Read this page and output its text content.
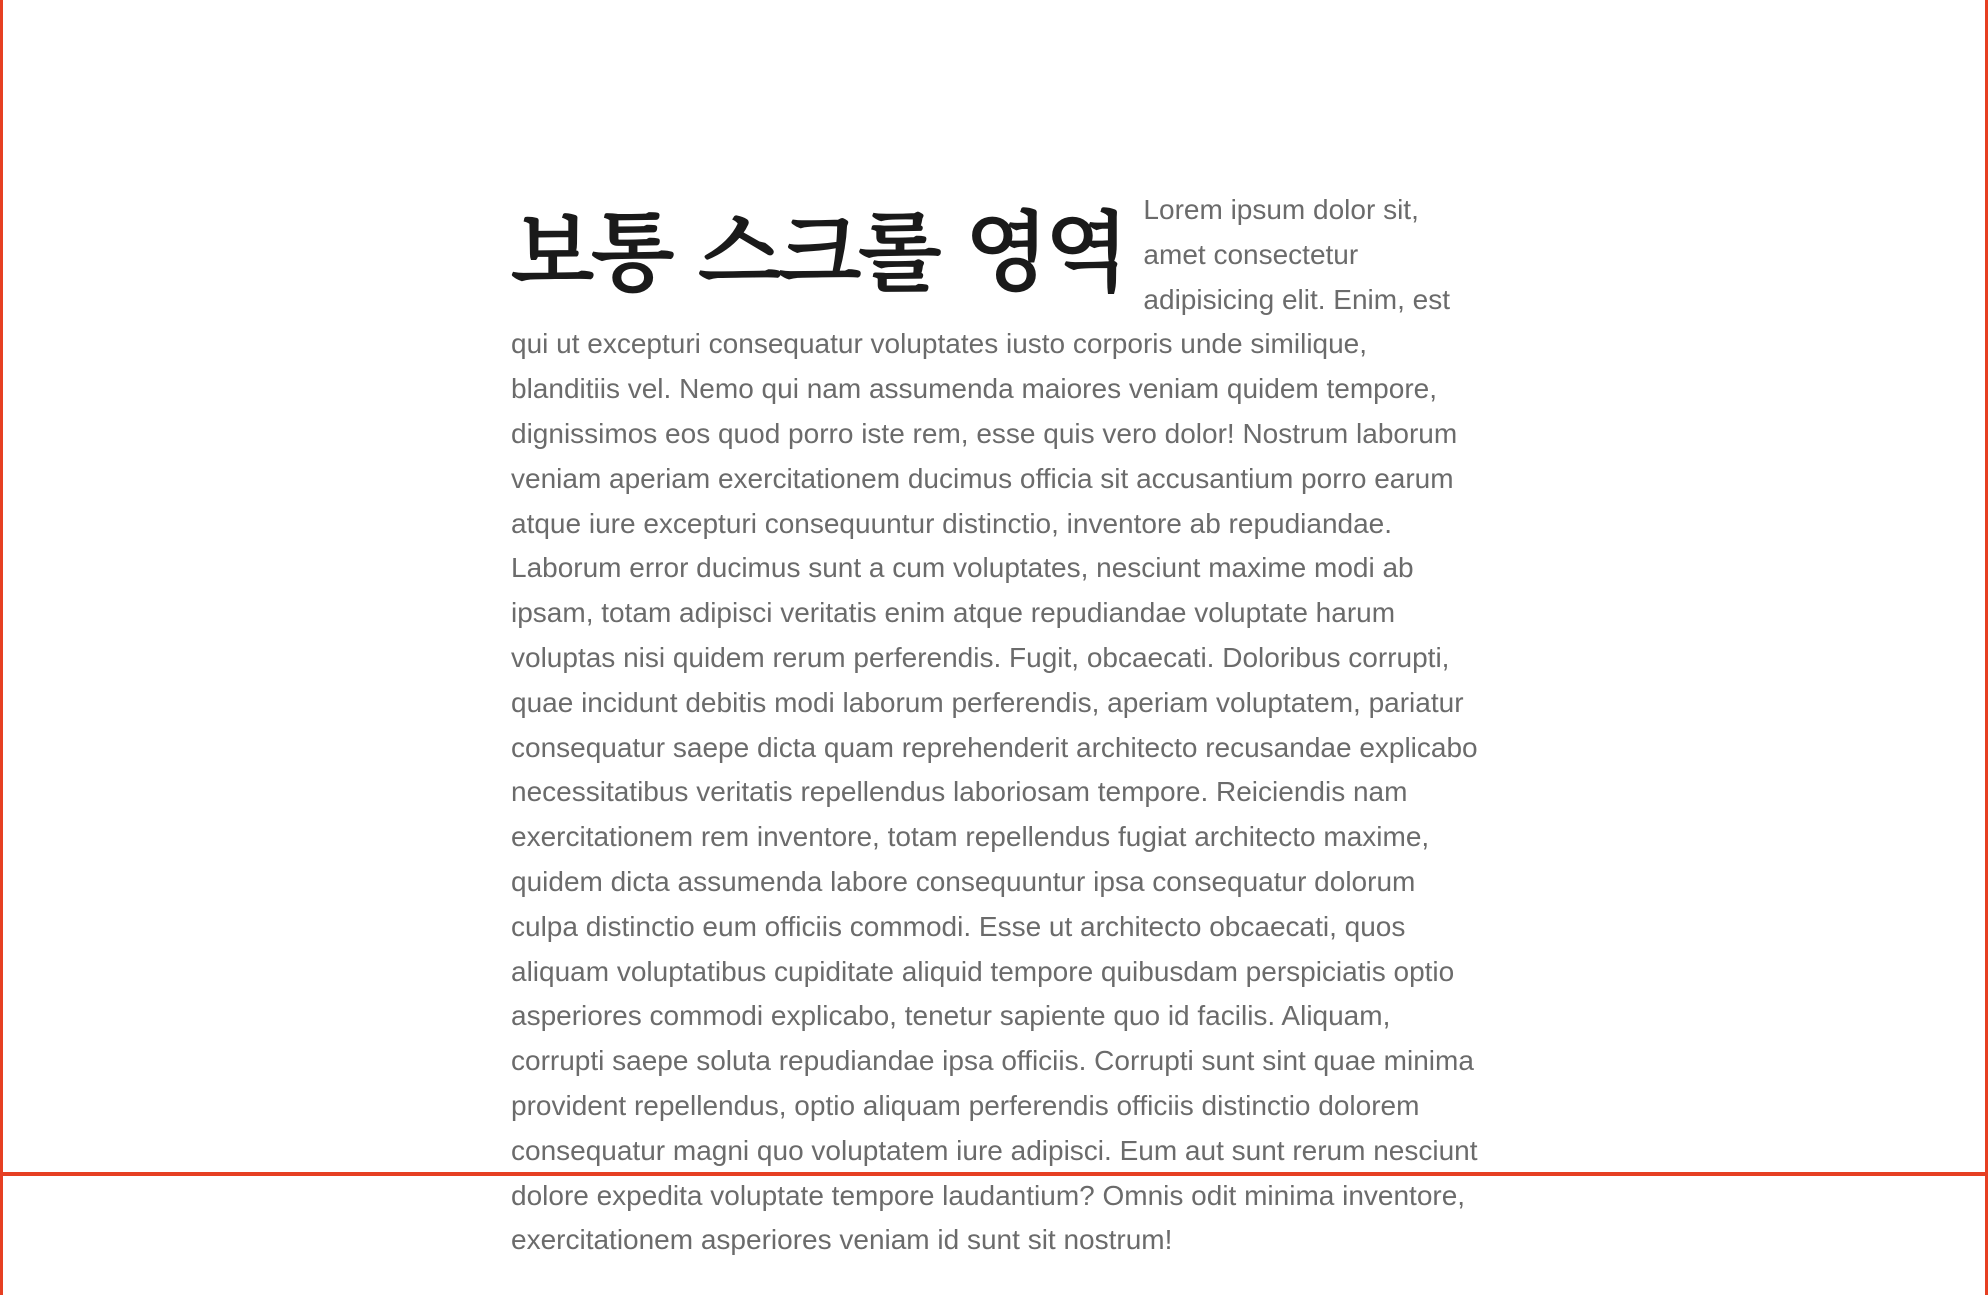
보통 스크롤 영역 Lorem ipsum dolor sit, amet consectetur adipisicing elit. Enim, est qui ut excepturi consequatur voluptates iusto corporis unde similique, blanditiis vel. Nemo qui nam assumenda maiores veniam quidem tempore, dignissimos eos quod porro iste rem, esse quis vero dolor! Nostrum laborum veniam aperiam exercitationem ducimus officia sit accusantium porro earum atque iure excepturi consequuntur distinctio, inventore ab repudiandae. Laborum error ducimus sunt a cum voluptates, nesciunt maxime modi ab ipsam, totam adipisci veritatis enim atque repudiandae voluptate harum voluptas nisi quidem rerum perferendis. Fugit, obcaecati. Doloribus corrupti, quae incidunt debitis modi laborum perferendis, aperiam voluptatem, pariatur consequatur saepe dicta quam reprehenderit architecto recusandae explicabo necessitatibus veritatis repellendus laboriosam tempore. Reiciendis nam exercitationem rem inventore, totam repellendus fugiat architecto maxime, quidem dicta assumenda labore consequuntur ipsa consequatur dolorum culpa distinctio eum officiis commodi. Esse ut architecto obcaecati, quos aliquam voluptatibus cupiditate aliquid tempore quibusdam perspiciatis optio asperiores commodi explicabo, tenetur sapiente quo id facilis. Aliquam, corrupti saepe soluta repudiandae ipsa officiis. Corrupti sunt sint quae minima provident repellendus, optio aliquam perferendis officiis distinctio dolorem consequatur magni quo voluptatem iure adipisci. Eum aut sunt rerum nesciunt dolore expedita voluptate tempore laudantium? Omnis odit minima inventore, exercitationem asperiores veniam id sunt sit nostrum!
